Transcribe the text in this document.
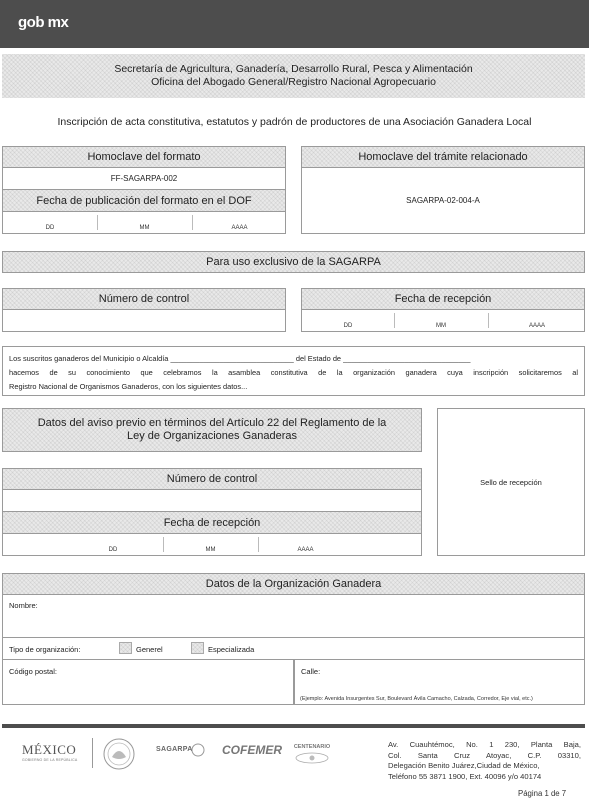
gob mx
Secretaría de Agricultura, Ganadería, Desarrollo Rural, Pesca y Alimentación
Oficina del Abogado General/Registro Nacional Agropecuario
Inscripción de acta constitutiva, estatutos y padrón de productores de una Asociación Ganadera Local
Homoclave del formato
FF-SAGARPA-002
Fecha de publicación del formato en el DOF
DD	MM	AAAA
Homoclave del trámite relacionado
SAGARPA-02-004-A
Para uso exclusivo de la SAGARPA
Número de control	Fecha de recepción
DD	MM	AAAA
Los suscritos ganaderos del Municipio o Alcaldía ______________________________ del Estado de _______________________________
hacemos de su conocimiento que celebramos la asamblea constitutiva de la organización ganadera cuya inscripción solicitaremos al
Registro Nacional de Organismos Ganaderos, con los siguientes datos...
Datos del aviso previo en términos del Artículo 22 del Reglamento de la
Ley de Organizaciones Ganaderas
Número de control
Fecha de recepción
DD	MM	AAAA
Sello de recepción
Datos de la Organización Ganadera
Nombre:
Tipo de organización:	Generel	Especializada
Código postal:	Calle:
(Ejemplo: Avenida Insurgentes Sur, Boulevard Ávila Camacho, Calzada, Corredor, Eje vial, etc.)
MÉXICO
GOBIERNO DE LA REPÚBLICA
SAGARPA COFEMER	CENTENARIO	Av. Cuauhtémoc, No. 1 230, Planta Baja,
Col. Santa Cruz Atoyac, C.P. 03310,
Delegación Benito Juárez,Ciudad de México,
Teléfono 55 3871 1900, Ext. 40096 y/o 40174
Página 1 de 7
